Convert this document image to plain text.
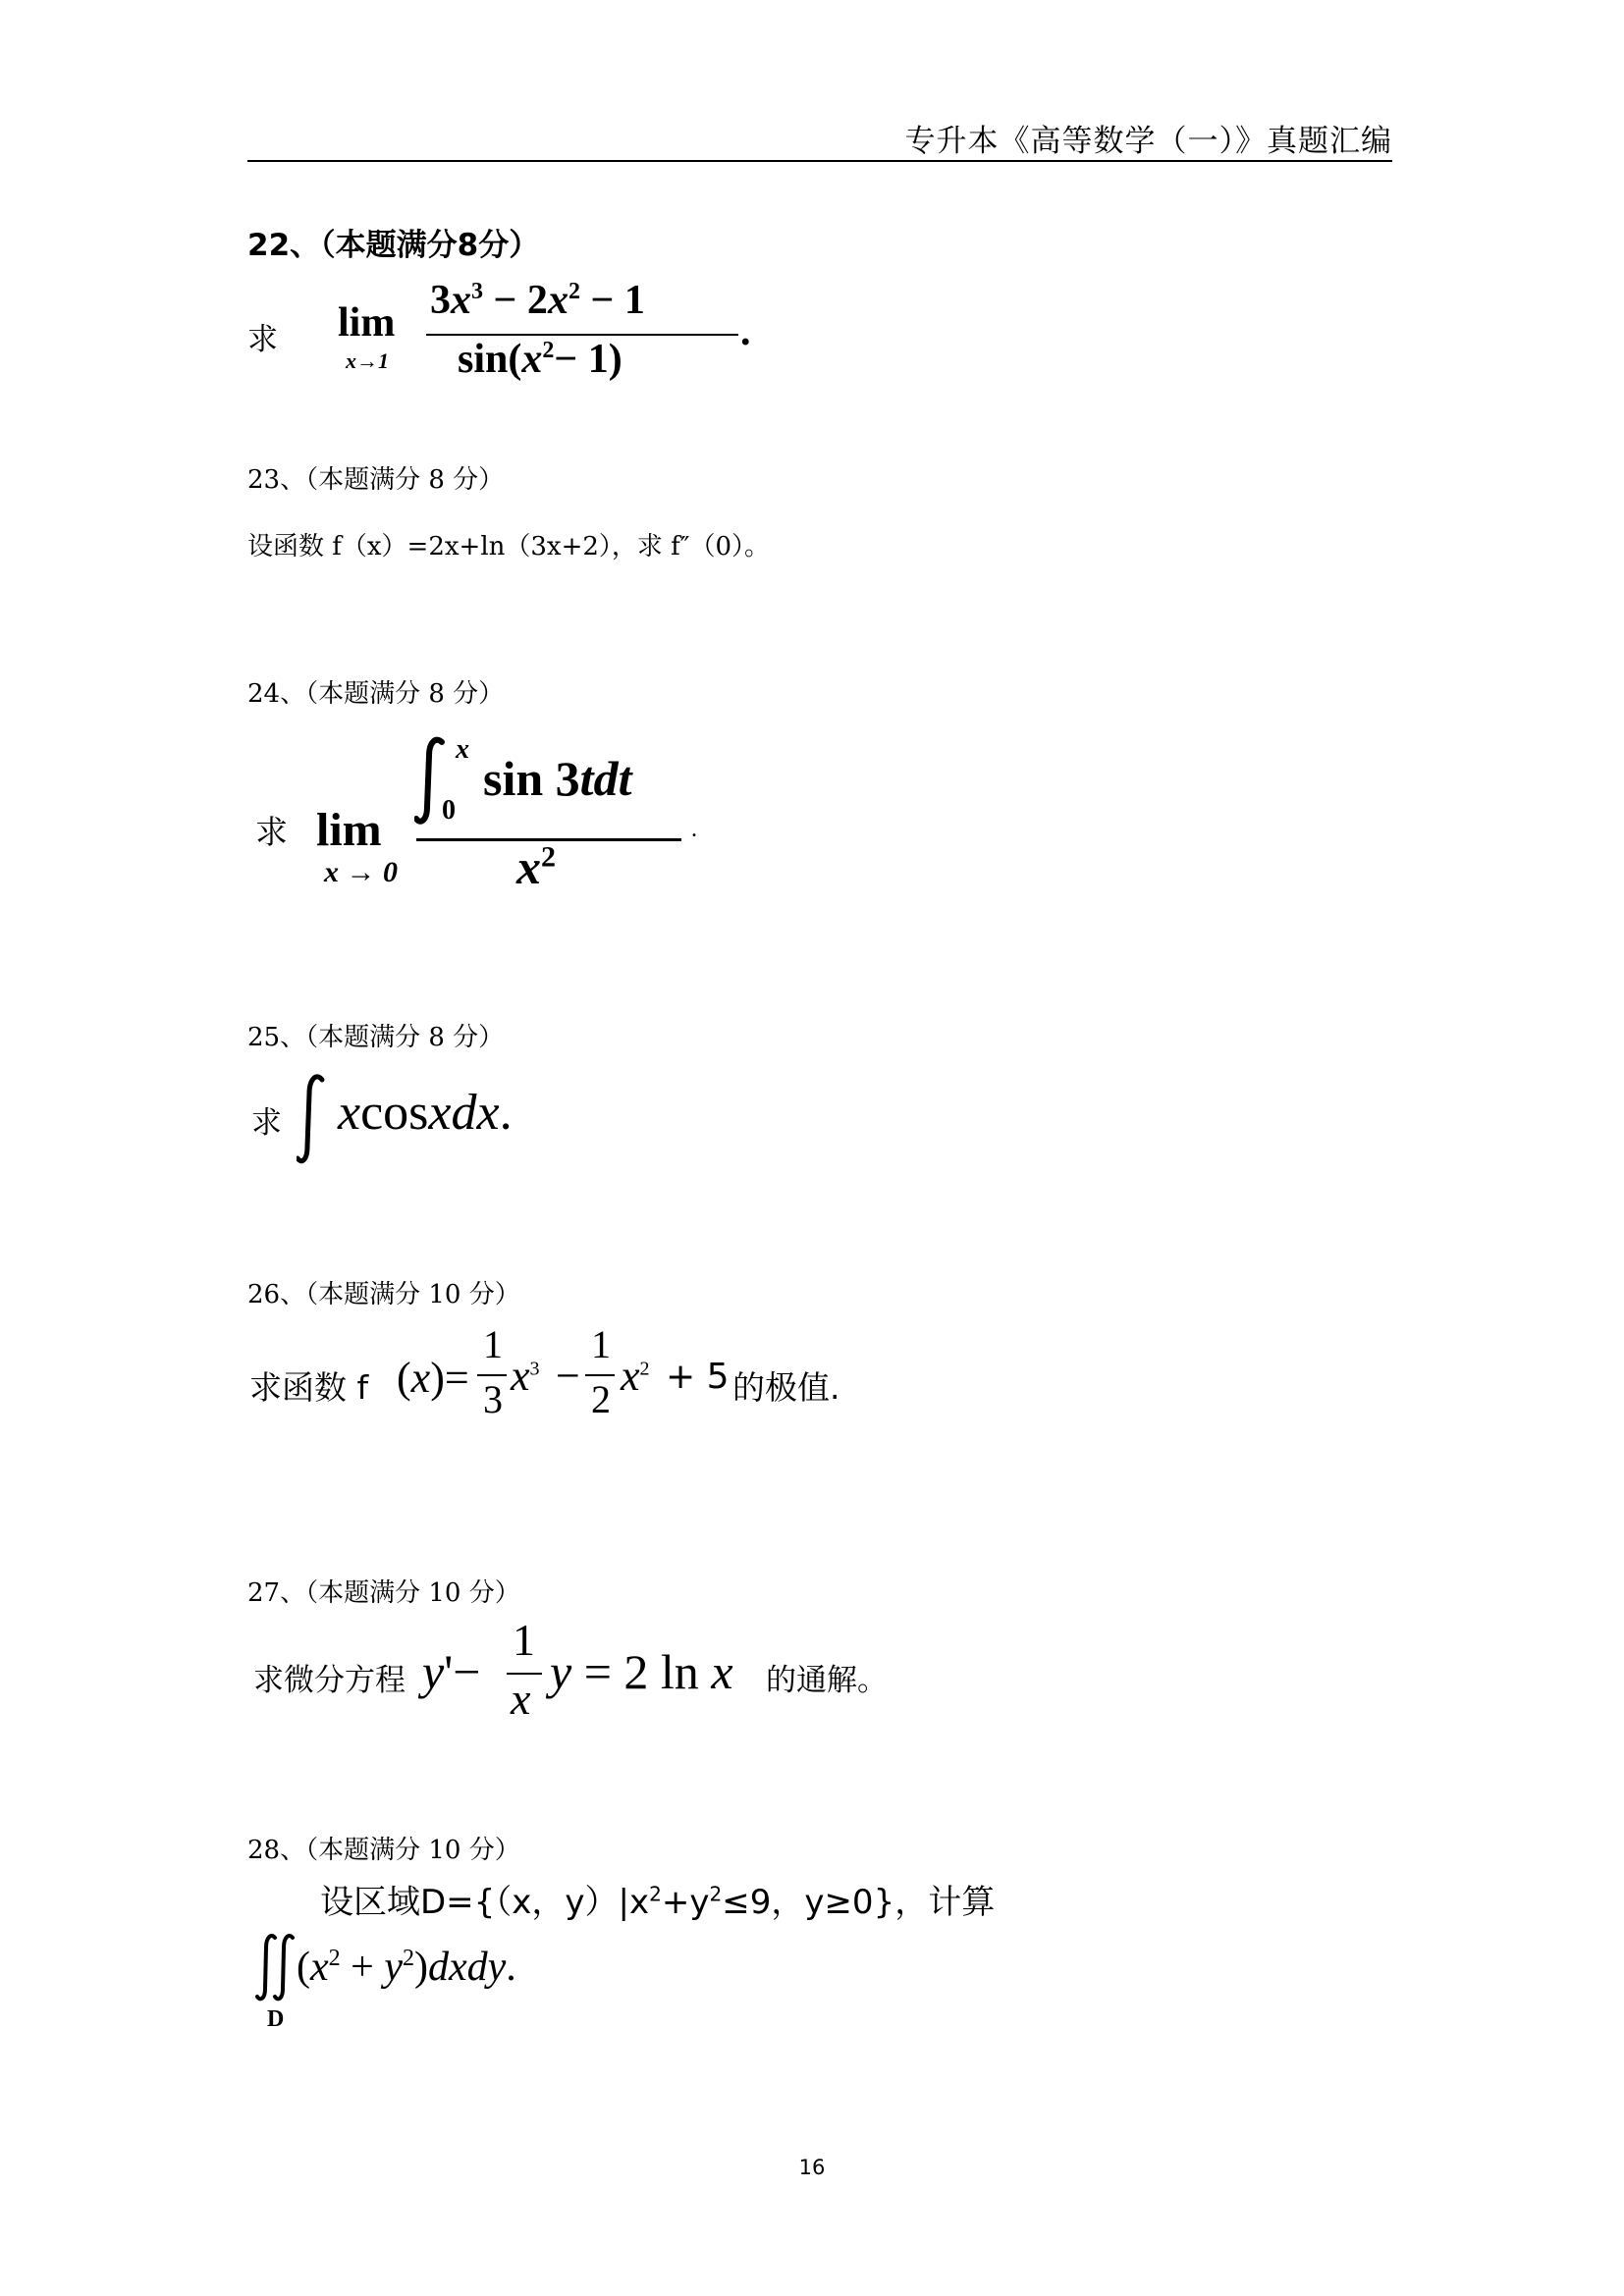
专升本《高等数学（一）》真题汇编
22、（本题满分8分）
求 lim
x→1
$3x^3 - 2x^2 - 1$
$\sin(x^2- 1)$
.
23、（本题满分 8 分）
设函数 f（x）=2x+ln（3x+2），求 f″（0）。
24、（本题满分 8 分）
求 lim
x → 0
x
0
sin 3tdt
$x^2$
.
25、（本题满分 8 分）
求 xcosxdx.
26、（本题满分 10 分）
求函数 f (x)=
1
3 $x^3$ −
1
2 $x^2 + 5$ 的极值.
27、（本题满分 10 分）
求微分方程 y'−
1
x y = 2 ln x 的通解。
28、（本题满分 10 分）
设区域D={（x，$y)|x^2+y^2\le 9$，y≥0}，计算
D
($x^2$ + $y^2)dxdy$.
16
